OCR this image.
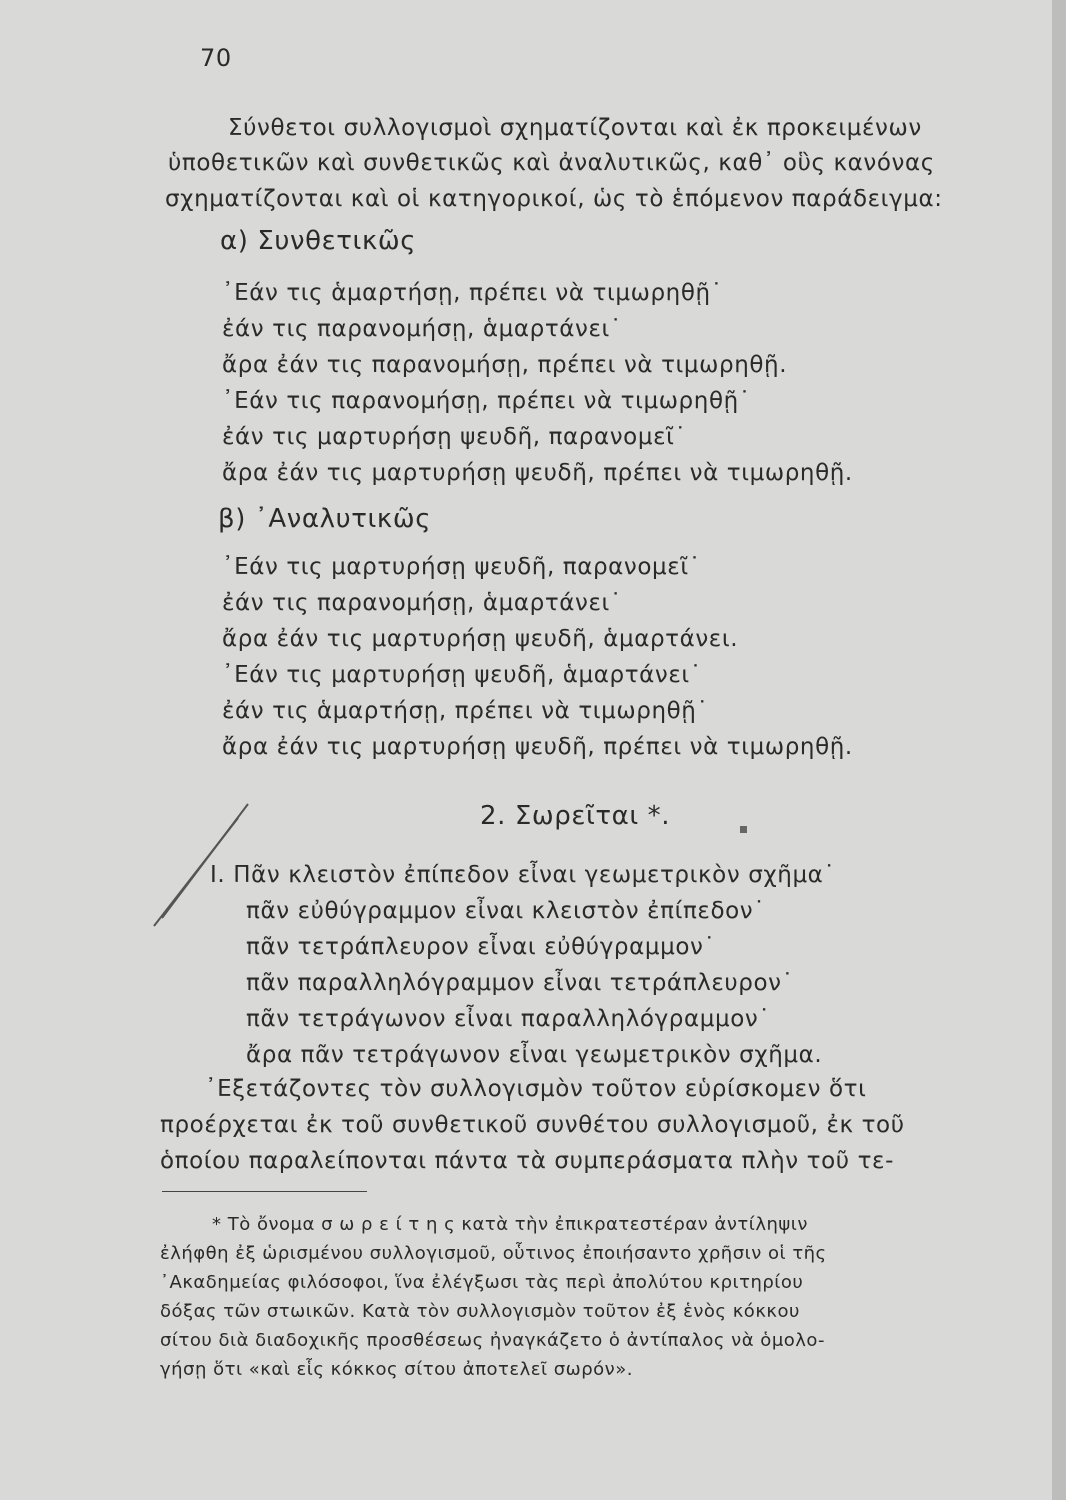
70
Σύνθετοι συλλογισμοὶ σχηματίζονται καὶ ἐκ προκειμένων
ὑποθετικῶν καὶ συνθετικῶς καὶ ἀναλυτικῶς, καθ᾽ οὓς κανόνας
σχηματίζονται καὶ οἱ κατηγορικοί, ὡς τὸ ἑπόμενον παράδειγμα:
α) Συνθετικῶς
᾿Εάν τις ἁμαρτήσῃ, πρέπει νὰ τιμωρηθῇ˙
ἐάν τις παρανομήσῃ, ἁμαρτάνει˙
ἄρα ἐάν τις παρανομήσῃ, πρέπει νὰ τιμωρηθῇ.
᾿Εάν τις παρανομήσῃ, πρέπει νὰ τιμωρηθῇ˙
ἐάν τις μαρτυρήσῃ ψευδῆ, παρανομεῖ˙
ἄρα ἐάν τις μαρτυρήσῃ ψευδῆ, πρέπει νὰ τιμωρηθῇ.
β) ᾿Αναλυτικῶς
᾿Εάν τις μαρτυρήσῃ ψευδῆ, παρανομεῖ˙
ἐάν τις παρανομήσῃ, ἁμαρτάνει˙
ἄρα ἐάν τις μαρτυρήσῃ ψευδῆ, ἁμαρτάνει.
᾿Εάν τις μαρτυρήσῃ ψευδῆ, ἁμαρτάνει˙
ἐάν τις ἁμαρτήσῃ, πρέπει νὰ τιμωρηθῇ˙
ἄρα ἐάν τις μαρτυρήσῃ ψευδῆ, πρέπει νὰ τιμωρηθῇ.
2. Σωρεῖται *.
I. Πᾶν κλειστὸν ἐπίπεδον εἶναι γεωμετρικὸν σχῆμα˙
πᾶν εὐθύγραμμον εἶναι κλειστὸν ἐπίπεδον˙
πᾶν τετράπλευρον εἶναι εὐθύγραμμον˙
πᾶν παραλληλόγραμμον εἶναι τετράπλευρον˙
πᾶν τετράγωνον εἶναι παραλληλόγραμμον˙
ἄρα πᾶν τετράγωνον εἶναι γεωμετρικὸν σχῆμα.
᾿Εξετάζοντες τὸν συλλογισμὸν τοῦτον εὑρίσκομεν ὅτι
προέρχεται ἐκ τοῦ συνθετικοῦ συνθέτου συλλογισμοῦ, ἐκ τοῦ
ὁποίου παραλείπονται πάντα τὰ συμπεράσματα πλὴν τοῦ τε-
* Τὸ ὄνομα σ ω ρ ε ί τ η ς κατὰ τὴν ἐπικρατεστέραν ἀντίληψιν
ἐλήφθη ἐξ ὡρισμένου συλλογισμοῦ, οὗτινος ἐποιήσαντο χρῆσιν οἱ τῆς
᾿Ακαδημείας φιλόσοφοι, ἵνα ἐλέγξωσι τὰς περὶ ἀπολύτου κριτηρίου
δόξας τῶν στωικῶν. Κατὰ τὸν συλλογισμὸν τοῦτον ἐξ ἑνὸς κόκκου
σίτου διὰ διαδοχικῆς προσθέσεως ἠναγκάζετο ὁ ἀντίπαλος νὰ ὁμολο-
γήσῃ ὅτι «καὶ εἷς κόκκος σίτου ἀποτελεῖ σωρόν».
